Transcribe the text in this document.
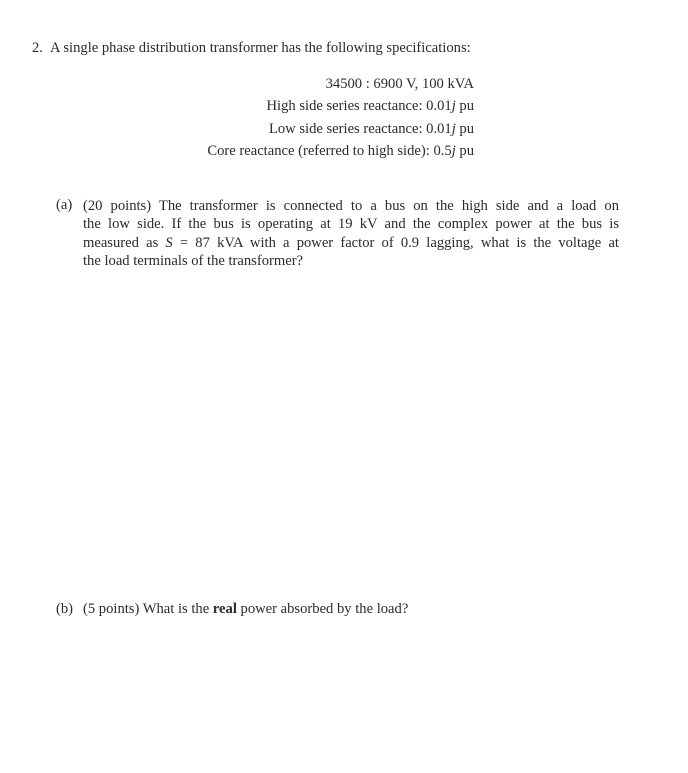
2. A single phase distribution transformer has the following specifications:
34500 : 6900 V, 100 kVA
High side series reactance: 0.01j pu
Low side series reactance: 0.01j pu
Core reactance (referred to high side): 0.5j pu
(a) (20 points) The transformer is connected to a bus on the high side and a load on
the low side. If the bus is operating at 19 kV and the complex power at the bus is
measured as S = 87 kVA with a power factor of 0.9 lagging, what is the voltage at
the load terminals of the transformer?
(b) (5 points) What is the real power absorbed by the load?
